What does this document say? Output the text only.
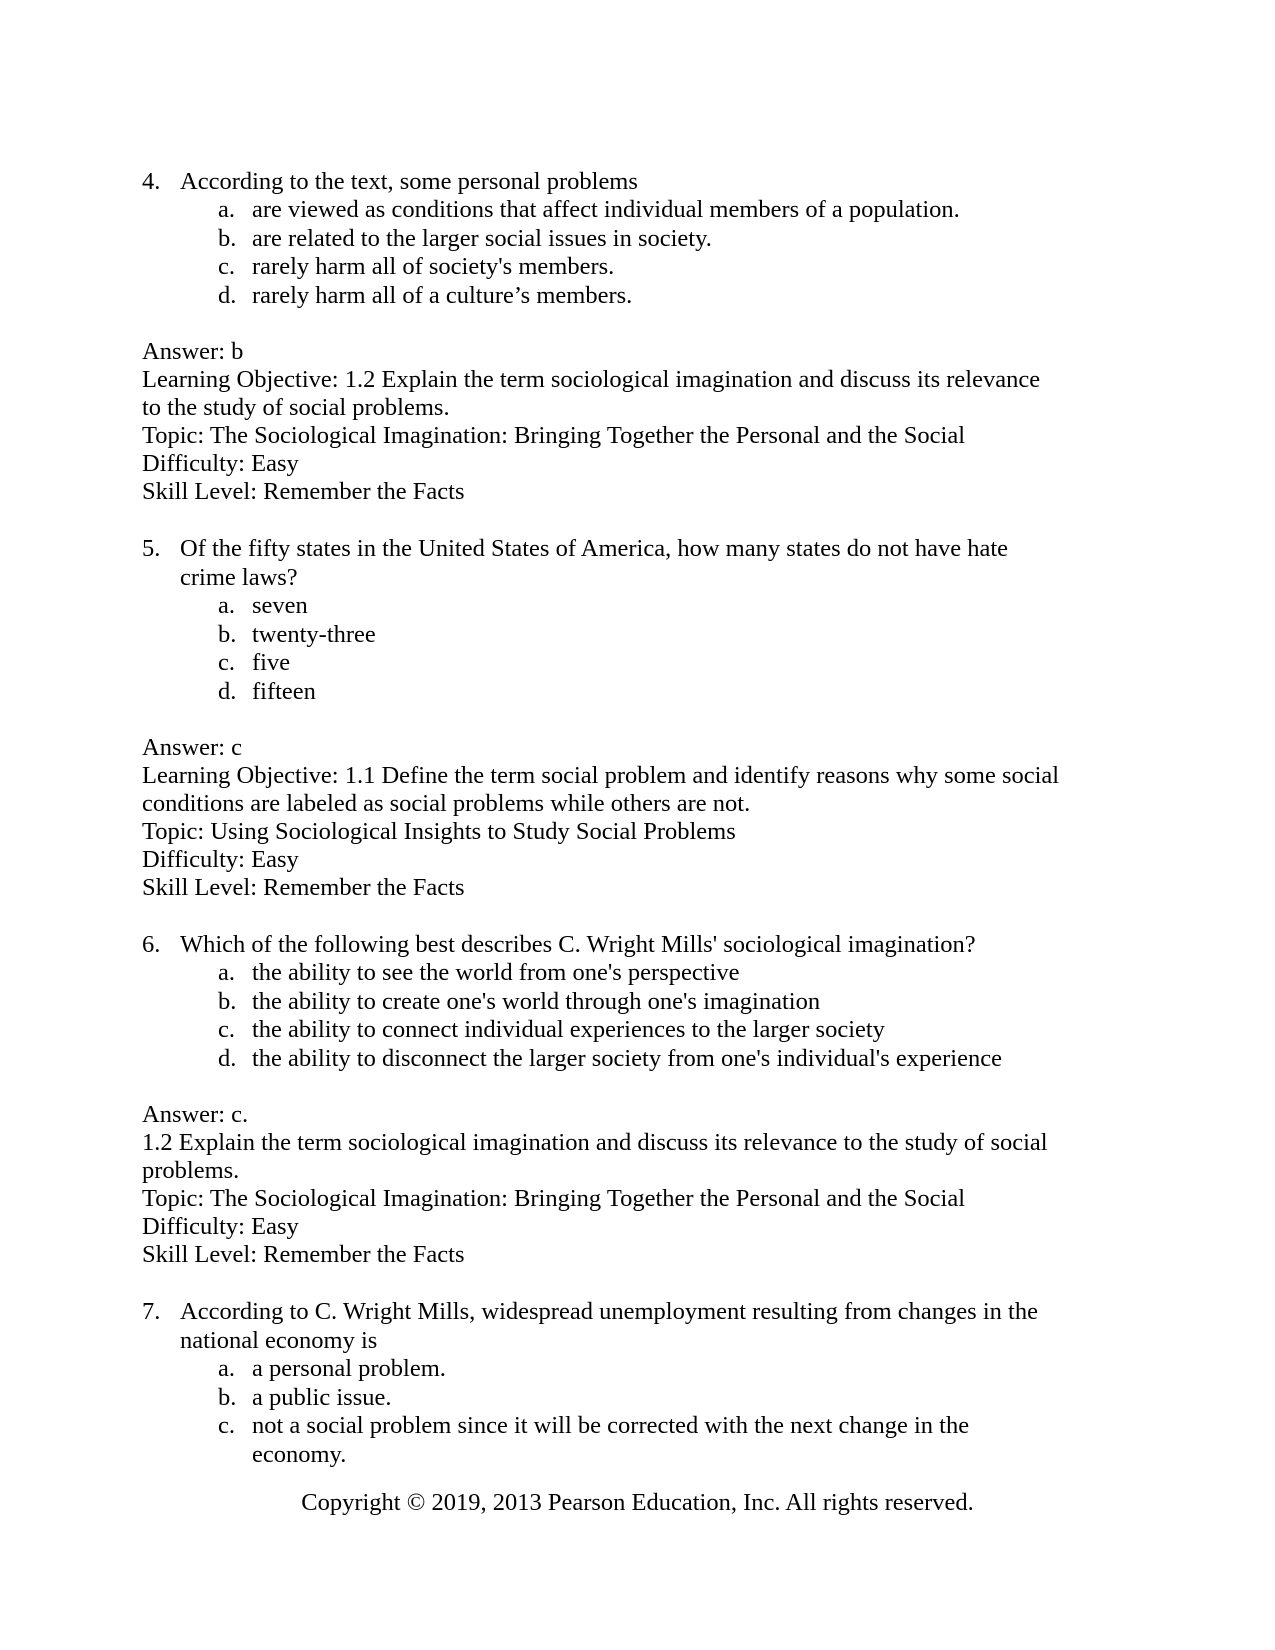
4. According to the text, some personal problems
a. are viewed as conditions that affect individual members of a population.
b. are related to the larger social issues in society.
c. rarely harm all of society's members.
d. rarely harm all of a culture’s members.
Answer: b
Learning Objective: 1.2 Explain the term sociological imagination and discuss its relevance to the study of social problems.
Topic: The Sociological Imagination: Bringing Together the Personal and the Social
Difficulty: Easy
Skill Level: Remember the Facts
5. Of the fifty states in the United States of America, how many states do not have hate crime laws?
a. seven
b. twenty-three
c. five
d. fifteen
Answer: c
Learning Objective: 1.1 Define the term social problem and identify reasons why some social conditions are labeled as social problems while others are not.
Topic: Using Sociological Insights to Study Social Problems
Difficulty: Easy
Skill Level: Remember the Facts
6. Which of the following best describes C. Wright Mills' sociological imagination?
a. the ability to see the world from one's perspective
b. the ability to create one's world through one's imagination
c. the ability to connect individual experiences to the larger society
d. the ability to disconnect the larger society from one's individual's experience
Answer: c.
1.2 Explain the term sociological imagination and discuss its relevance to the study of social problems.
Topic: The Sociological Imagination: Bringing Together the Personal and the Social
Difficulty: Easy
Skill Level: Remember the Facts
7. According to C. Wright Mills, widespread unemployment resulting from changes in the national economy is
a. a personal problem.
b. a public issue.
c. not a social problem since it will be corrected with the next change in the economy.
Copyright © 2019, 2013 Pearson Education, Inc. All rights reserved.
